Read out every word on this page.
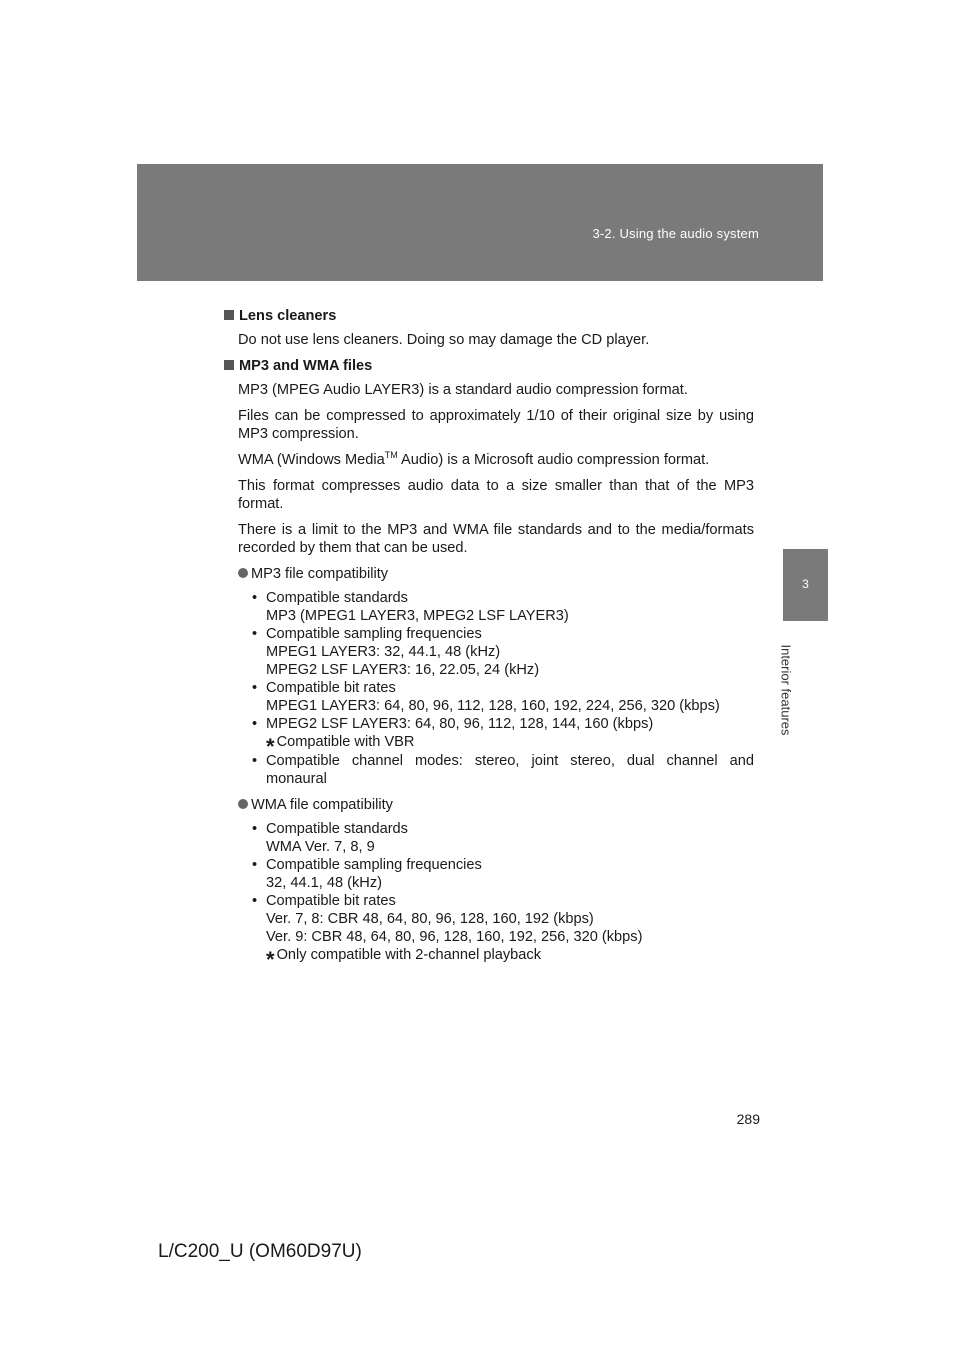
3-2. Using the audio system
3
Interior features

Lens cleaners

Do not use lens cleaners. Doing so may damage the CD player.

MP3 and WMA files

MP3 (MPEG Audio LAYER3) is a standard audio compression format.

Files can be compressed to approximately 1/10 of their original size by using MP3 compression.

WMA (Windows Media™ Audio) is a Microsoft audio compression format.

This format compresses audio data to a size smaller than that of the MP3 format.

There is a limit to the MP3 and WMA file standards and to the media/formats recorded by them that can be used.

MP3 file compatibility

• Compatible standards
MP3 (MPEG1 LAYER3, MPEG2 LSF LAYER3)
• Compatible sampling frequencies
MPEG1 LAYER3: 32, 44.1, 48 (kHz)
MPEG2 LSF LAYER3: 16, 22.05, 24 (kHz)
• Compatible bit rates
MPEG1 LAYER3: 64, 80, 96, 112, 128, 160, 192, 224, 256, 320 (kbps)
• MPEG2 LSF LAYER3: 64, 80, 96, 112, 128, 144, 160 (kbps)
* Compatible with VBR
• Compatible channel modes: stereo, joint stereo, dual channel and monaural

WMA file compatibility

• Compatible standards
WMA Ver. 7, 8, 9
• Compatible sampling frequencies
32, 44.1, 48 (kHz)
• Compatible bit rates
Ver. 7, 8: CBR 48, 64, 80, 96, 128, 160, 192 (kbps)
Ver. 9: CBR 48, 64, 80, 96, 128, 160, 192, 256, 320 (kbps)
* Only compatible with 2-channel playback
289
L/C200_U (OM60D97U)
